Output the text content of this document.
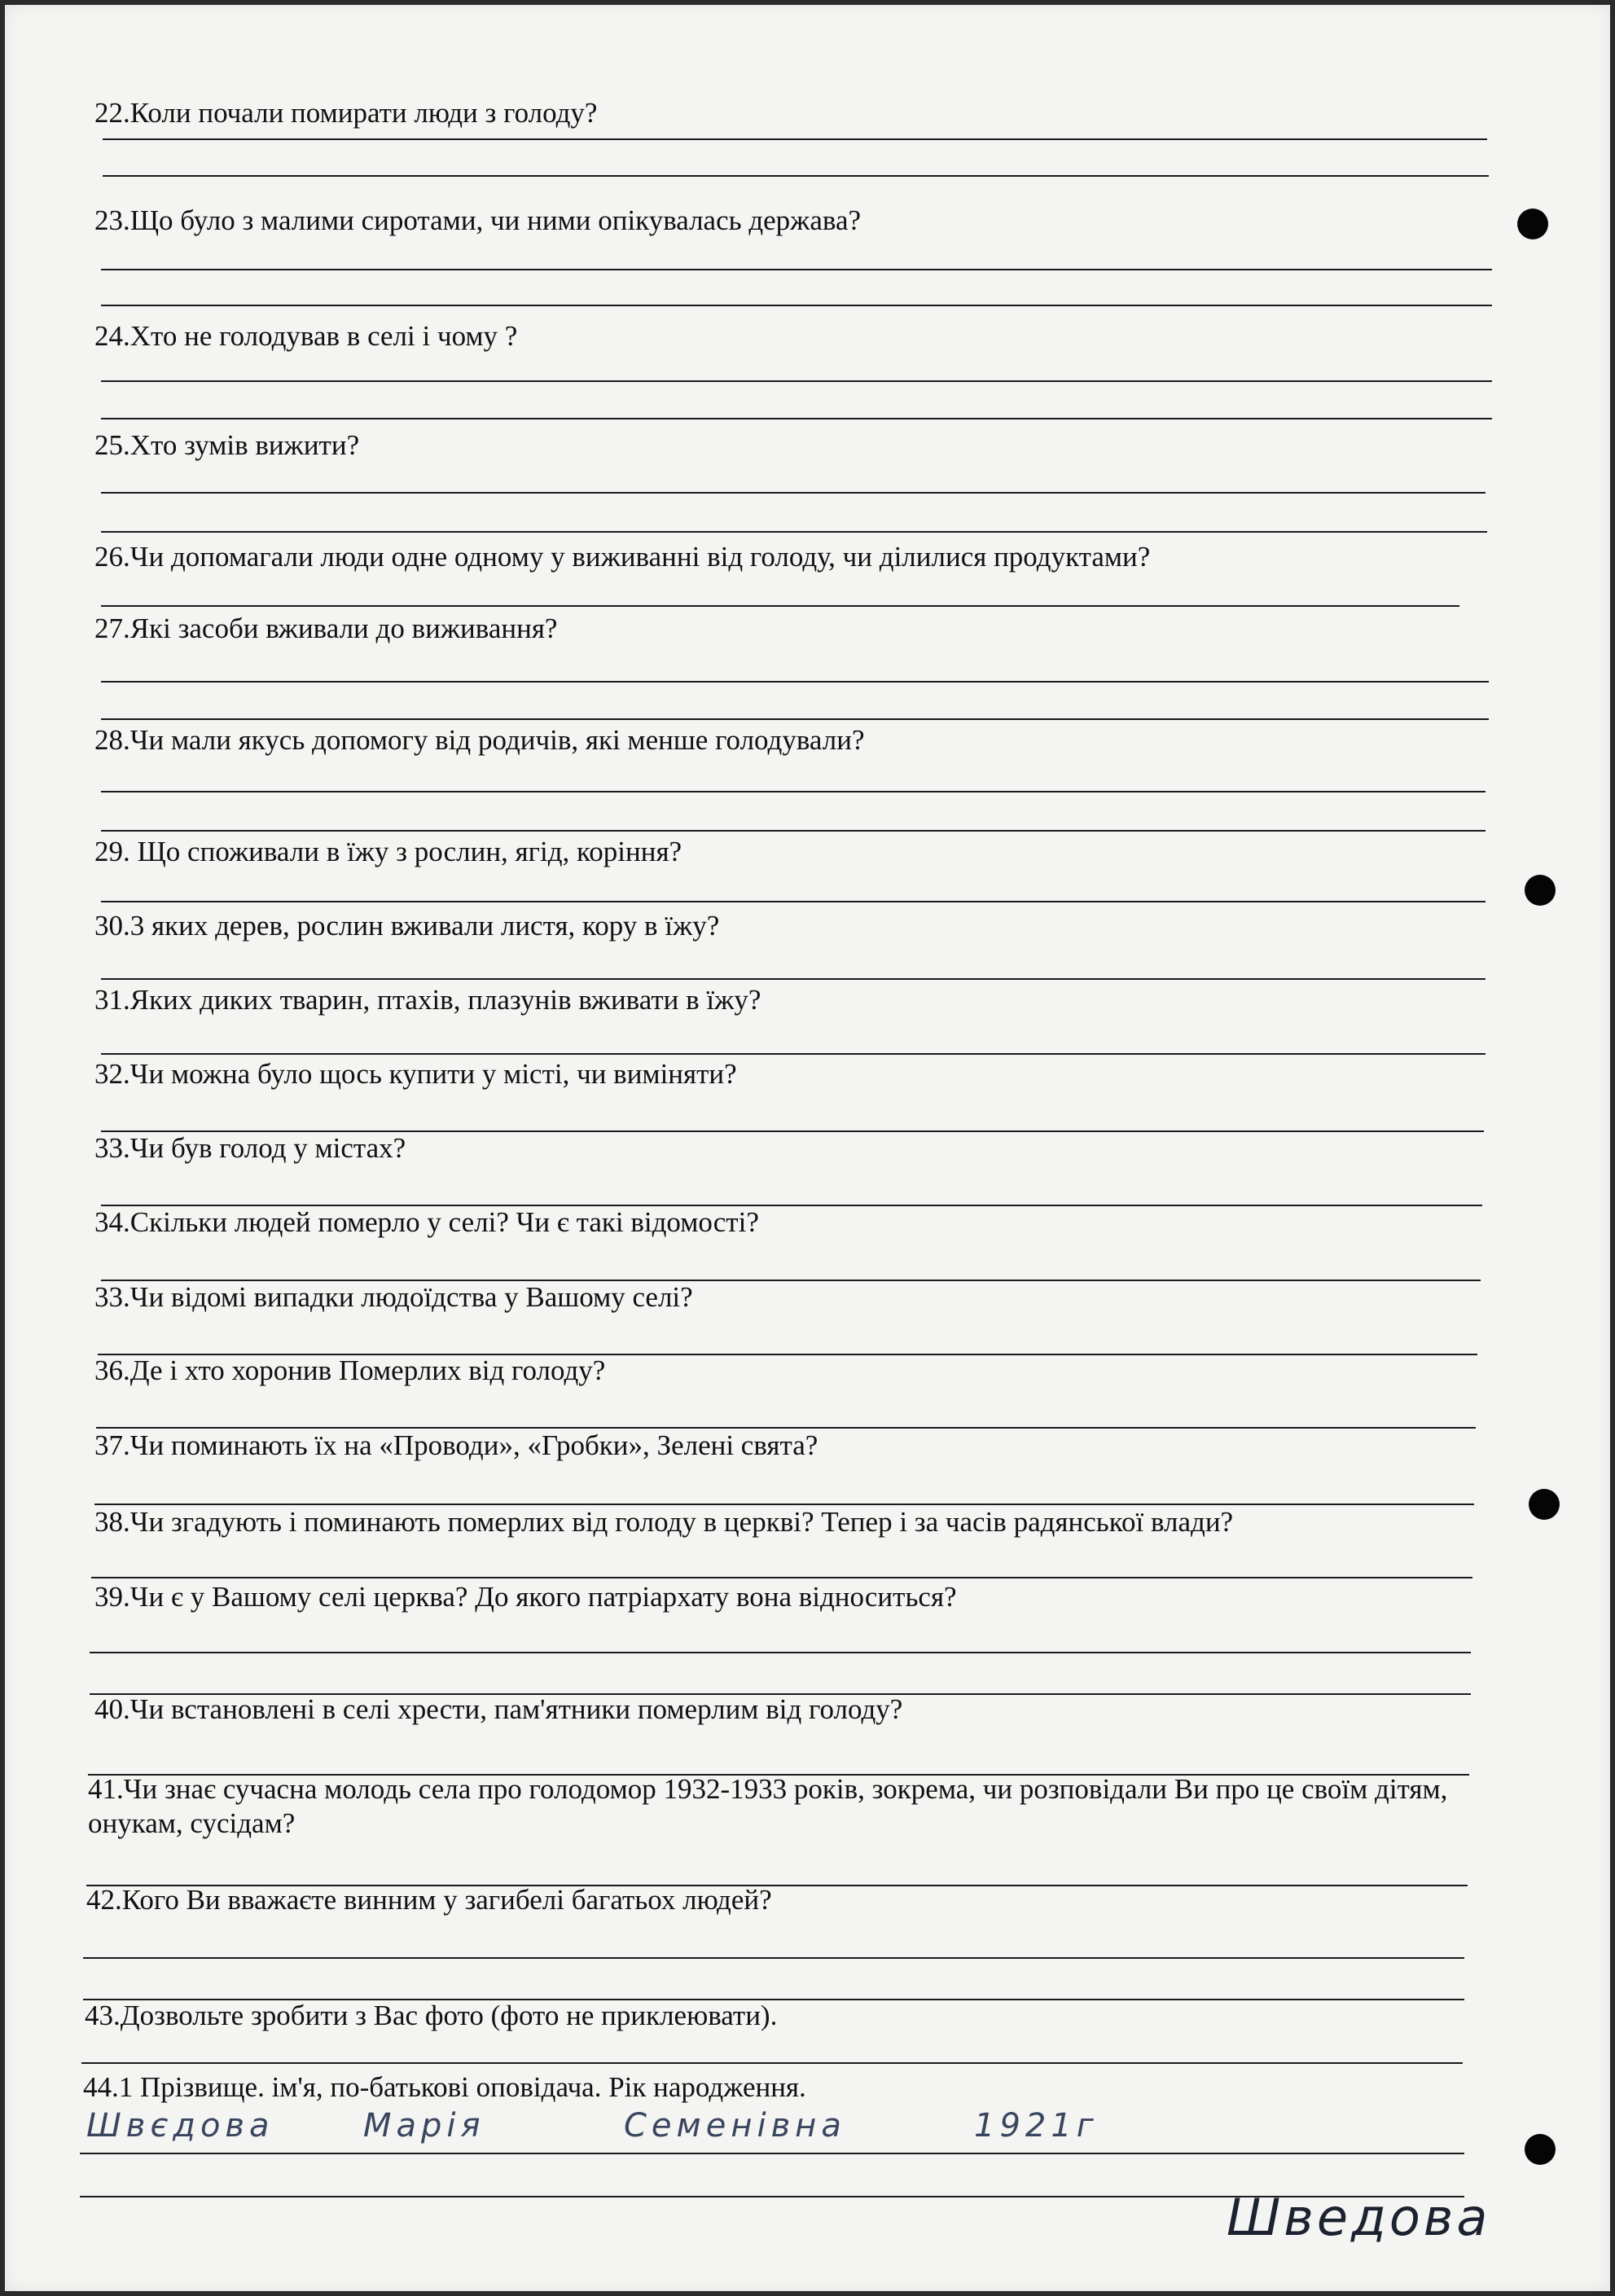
22.Коли почали помирати люди з голоду?
23.Що було з малими сиротами, чи ними опікувалась держава?
24.Хто не голодував в селі і чому ?
25.Хто зумів вижити?
26.Чи допомагали люди одне одному у виживанні від голоду, чи ділилися продуктами?
27.Які засоби вживали до виживання?
28.Чи мали якусь допомогу від родичів, які менше голодували?
29. Що споживали в їжу з рослин, ягід, коріння?
30.3 яких дерев, рослин вживали листя, кору в їжу?
31.Яких диких тварин, птахів, плазунів вживати в їжу?
32.Чи можна було щось купити у місті, чи виміняти?
33.Чи був голод у містах?
34.Скільки людей померло у селі? Чи є такі відомості?
33.Чи відомі випадки людоїдства у Вашому селі?
36.Де і хто хоронив Померлих від голоду?
37.Чи поминають їх на «Проводи», «Гробки», Зелені свята?
38.Чи згадують і поминають померлих від голоду в церкві? Тепер і за часів радянської влади?
39.Чи є у Вашому селі церква? До якого патріархату вона відноситься?
40.Чи встановлені в селі хрести, пам'ятники померлим від голоду?
41.Чи знає сучасна молодь села про голодомор 1932-1933 років, зокрема, чи розповідали Ви про це своїм дітям, онукам, сусідам?
42.Кого Ви вважаєте винним у загибелі багатьох людей?
43.Дозвольте зробити з Вас фото (фото не приклеювати).
44.1 Прізвище. ім'я, по-батькові оповідача. Рік народження.
Швєдова	Марія	Семенівна	1921г
Шведова
